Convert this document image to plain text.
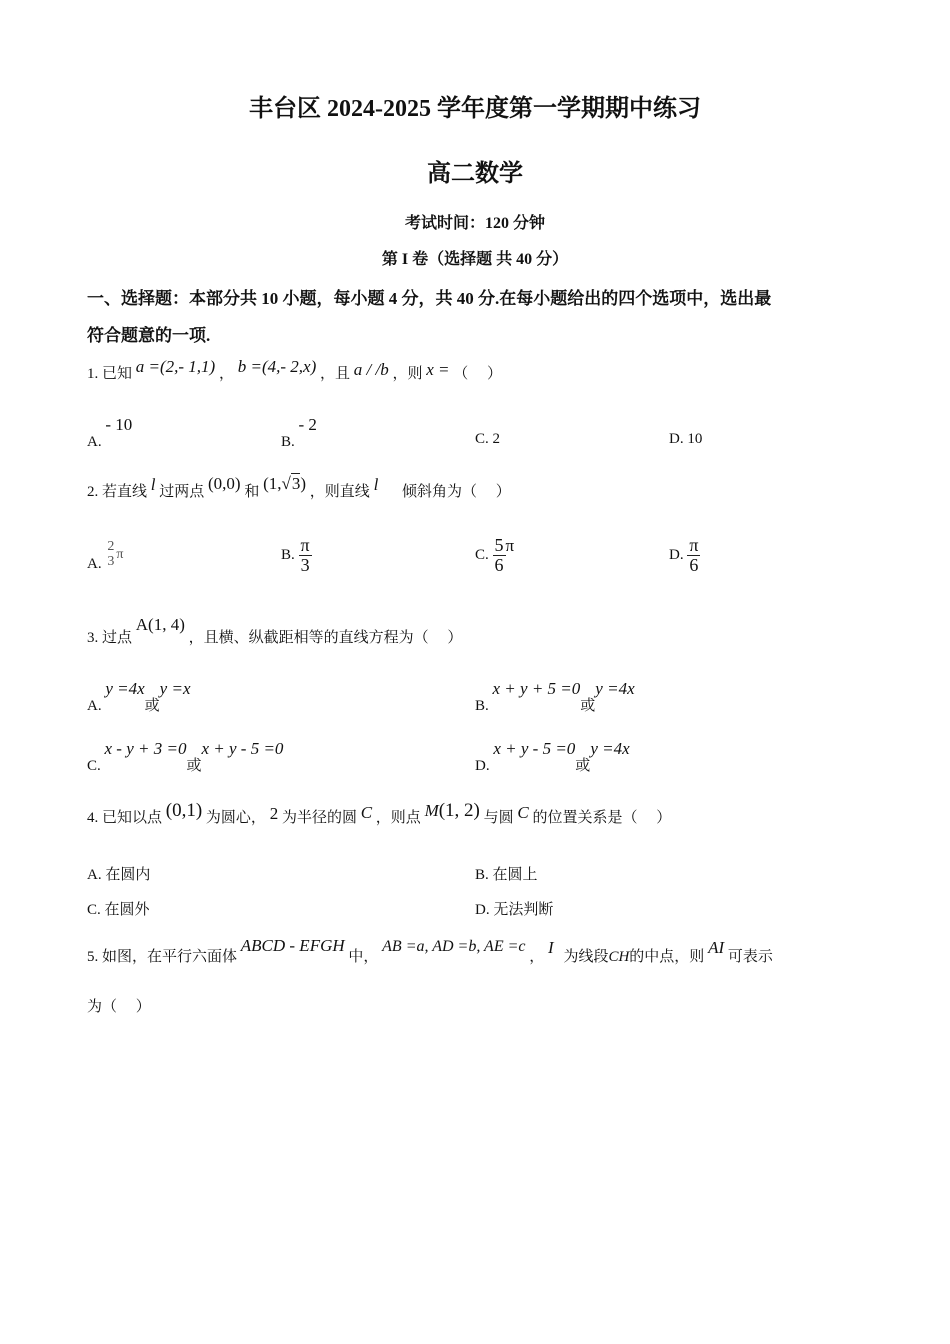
丰台区 2024-2025 学年度第一学期期中练习
高二数学
考试时间：120 分钟
第 I 卷（选择题 共 40 分）
一、选择题：本部分共 10 小题，每小题 4 分，共 40 分.在每小题给出的四个选项中，选出最
符合题意的一项.
1. 已知 a =(2,- 1,1) ， b =(4,- 2,x) ，且 a / /b ，则 x = （　 ）
A. - 10
B. - 2
C. 2	D. 10
2. 若直线 l 过两点 (0,0) 和 (1,√3) ，则直线 l 倾斜角为（　 ）
A.
2
3 π	B. $\frac{\pi}{3}$	C. $\frac{5}{6}$ π	D. $\frac{\pi}{6}$
3. 过点 A(1, 4) ，且横、纵截距相等的直线方程为（　 ）
A. y =4x或y =x
B. x + y + 5 =0或y =4x
C. x - y + 3 =0或x + y - 5 =0
D. x + y - 5 =0或y =4x
4. 已知以点 (0,1) 为圆心， 2 为半径的圆 C ，则点 M(1, 2) 与圆 C 的位置关系是（　 ）
A. 在圆内	B. 在圆上
C. 在圆外	D. 无法判断
5. 如图，在平行六面体 ABCD - EFGH 中， AB =a, AD =b, AE =c ， I 为线段CH的中点，则 AI 可表示
为（　 ）
